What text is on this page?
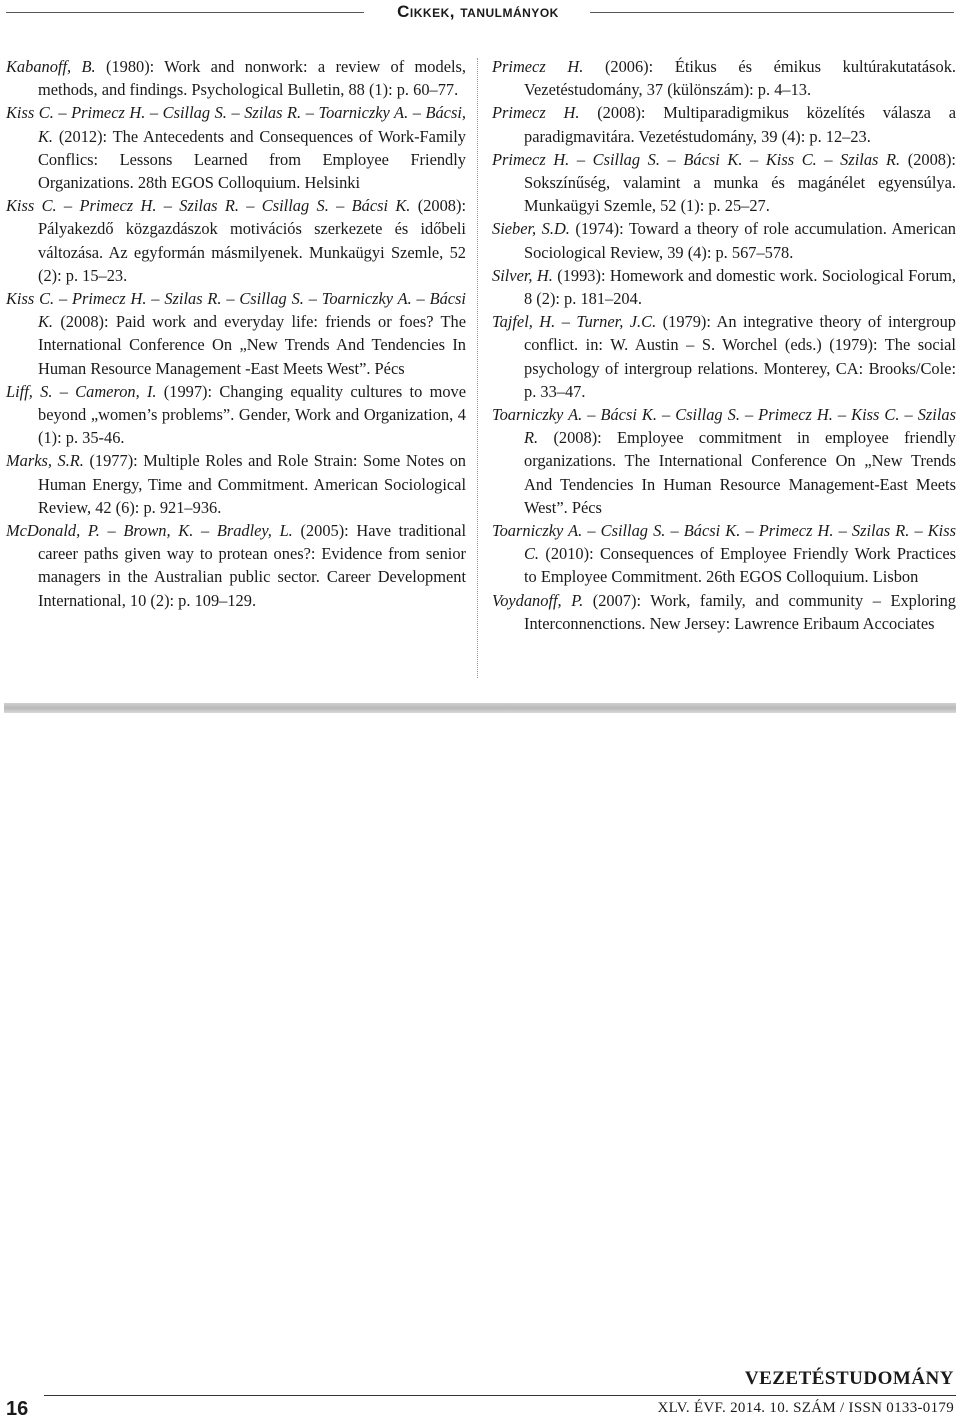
Cikkek, tanulmányok

Kabanoff, B. (1980): Work and nonwork: a review of models, methods, and findings. Psychological Bulletin, 88 (1): p. 60–77.

Kiss C. – Primecz H. – Csillag S. – Szilas R. – Toarniczky A. – Bácsi, K. (2012): The Antecedents and Consequences of Work-Family Conflics: Lessons Learned from Employee Friendly Organizations. 28th EGOS Colloquium. Helsinki

Kiss C. – Primecz H. – Szilas R. – Csillag S. – Bácsi K. (2008): Pályakezdő közgazdászok motivációs szerkezete és időbeli változása. Az egyformán másmilyenek. Munkaügyi Szemle, 52 (2): p. 15–23.

Kiss C. – Primecz H. – Szilas R. – Csillag S. – Toarniczky A. – Bácsi K. (2008): Paid work and everyday life: friends or foes? The International Conference On „New Trends And Tendencies In Human Resource Management -East Meets West”. Pécs

Liff, S. – Cameron, I. (1997): Changing equality cultures to move beyond „women’s problems”. Gender, Work and Organization, 4 (1): p. 35-46.

Marks, S.R. (1977): Multiple Roles and Role Strain: Some Notes on Human Energy, Time and Commitment. American Sociological Review, 42 (6): p. 921–936.

McDonald, P. – Brown, K. – Bradley, L. (2005): Have traditional career paths given way to protean ones?: Evidence from senior managers in the Australian public sector. Career Development International, 10 (2): p. 109–129.

Primecz H. (2006): Étikus és émikus kultúrakutatások. Vezetéstudomány, 37 (különszám): p. 4–13.

Primecz H. (2008): Multiparadigmikus közelítés válasza a paradigmavitára. Vezetéstudomány, 39 (4): p. 12–23.

Primecz H. – Csillag S. – Bácsi K. – Kiss C. – Szilas R. (2008): Sokszínűség, valamint a munka és magánélet egyensúlya. Munkaügyi Szemle, 52 (1): p. 25–27.

Sieber, S.D. (1974): Toward a theory of role accumulation. American Sociological Review, 39 (4): p. 567–578.

Silver, H. (1993): Homework and domestic work. Sociological Forum, 8 (2): p. 181–204.

Tajfel, H. – Turner, J.C. (1979): An integrative theory of intergroup conflict. in: W. Austin – S. Worchel (eds.) (1979): The social psychology of intergroup relations. Monterey, CA: Brooks/Cole: p. 33–47.

Toarniczky A. – Bácsi K. – Csillag S. – Primecz H. – Kiss C. – Szilas R. (2008): Employee commitment in employee friendly organizations. The International Conference On „New Trends And Tendencies In Human Resource Management-East Meets West”. Pécs

Toarniczky A. – Csillag S. – Bácsi K. – Primecz H. – Szilas R. – Kiss C. (2010): Consequences of Employee Friendly Work Practices to Employee Commitment. 26th EGOS Colloquium. Lisbon

Voydanoff, P. (2007): Work, family, and community – Exploring Interconnenctions. New Jersey: Lawrence Eribaum Accociates

VEZETÉSTUDOMÁNY
16	XLV. ÉVF. 2014. 10. SZÁM / ISSN 0133-0179
